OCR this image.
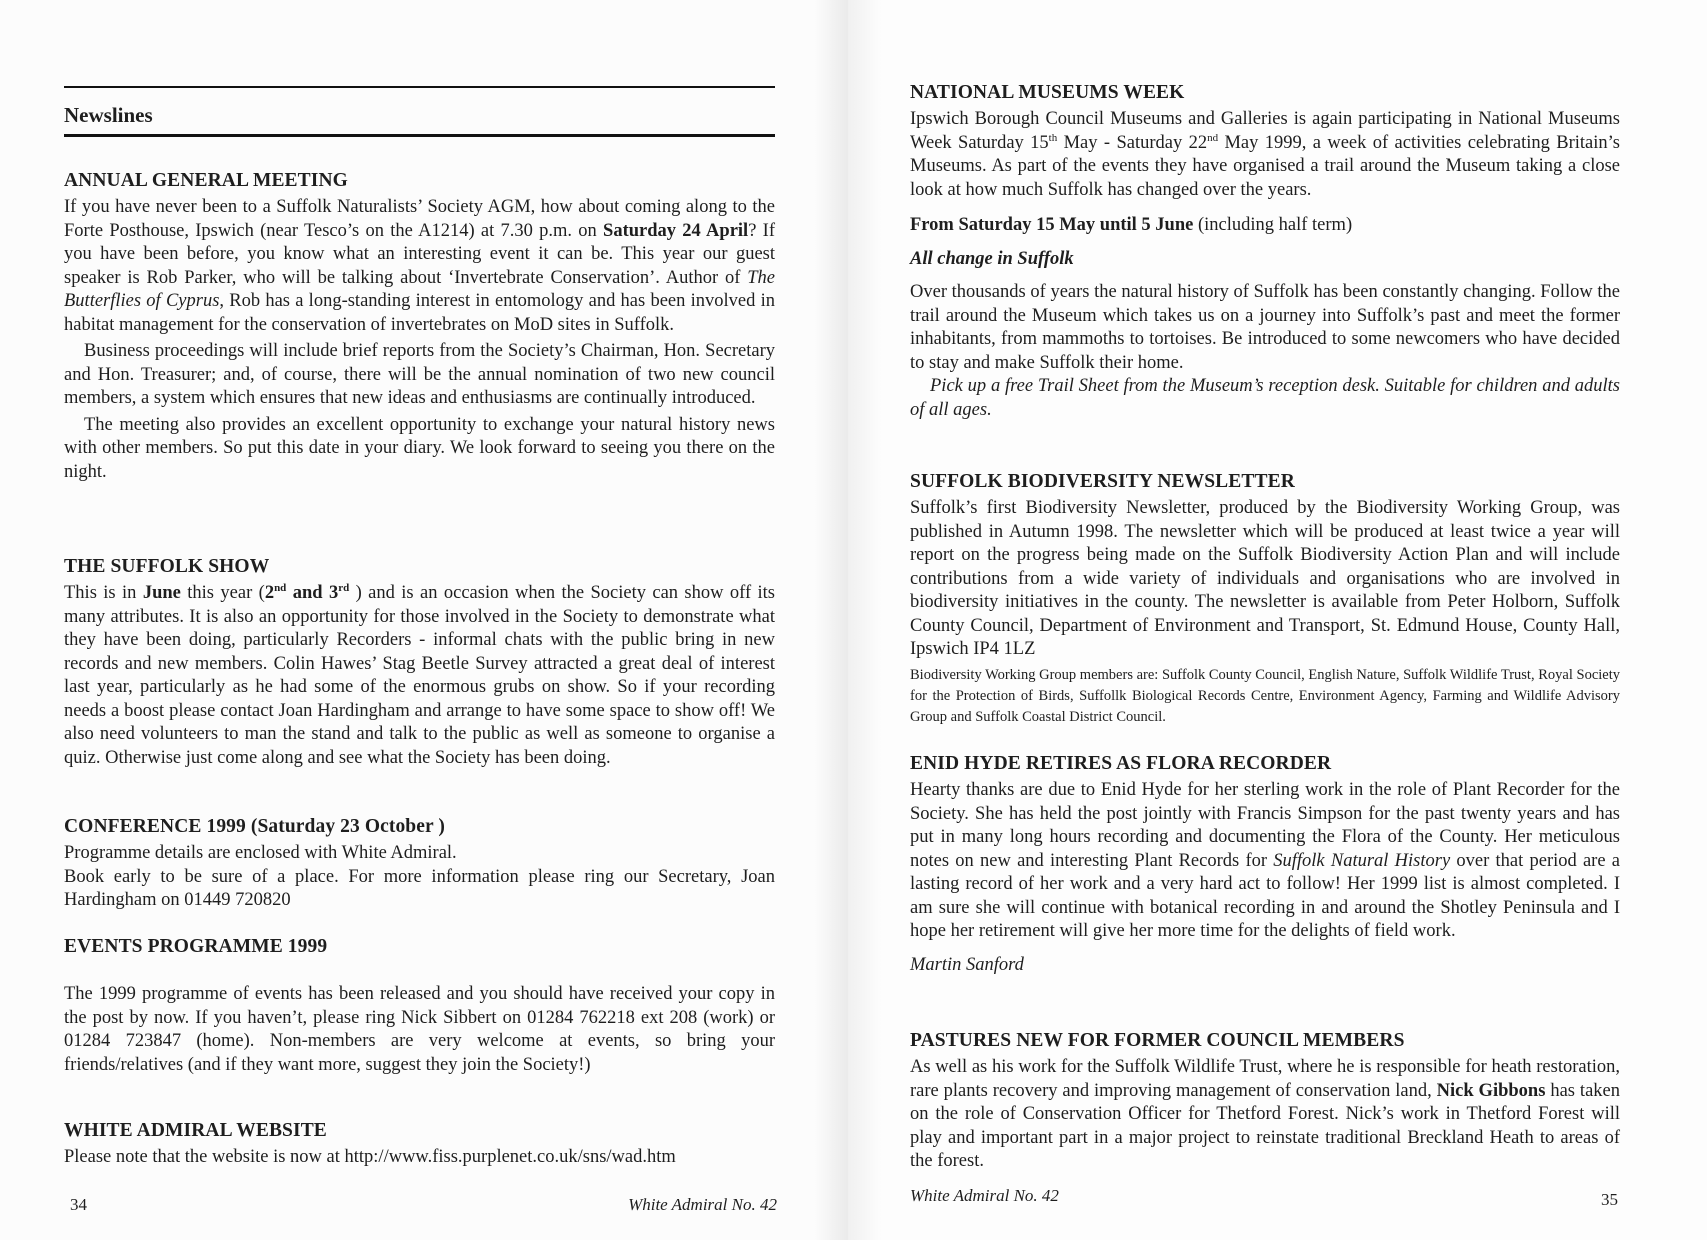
Newslines
ANNUAL GENERAL MEETING

If you have never been to a Suffolk Naturalists’ Society AGM, how about coming along to the Forte Posthouse, Ipswich (near Tesco’s on the A1214) at 7.30 p.m. on Saturday 24 April? If you have been before, you know what an interesting event it can be. This year our guest speaker is Rob Parker, who will be talking about ‘Invertebrate Conservation’. Author of The Butterflies of Cyprus, Rob has a long-standing interest in entomology and has been involved in habitat management for the conservation of invertebrates on MoD sites in Suffolk.

Business proceedings will include brief reports from the Society’s Chairman, Hon. Secretary and Hon. Treasurer; and, of course, there will be the annual nomination of two new council members, a system which ensures that new ideas and enthusiasms are continually introduced.

The meeting also provides an excellent opportunity to exchange your natural history news with other members. So put this date in your diary. We look forward to seeing you there on the night.

THE SUFFOLK SHOW

This is in June this year (2nd and 3rd ) and is an occasion when the Society can show off its many attributes. It is also an opportunity for those involved in the Society to demonstrate what they have been doing, particularly Recorders - informal chats with the public bring in new records and new members. Colin Hawes’ Stag Beetle Survey attracted a great deal of interest last year, particularly as he had some of the enormous grubs on show. So if your recording needs a boost please contact Joan Hardingham and arrange to have some space to show off! We also need volunteers to man the stand and talk to the public as well as someone to organise a quiz. Otherwise just come along and see what the Society has been doing.

CONFERENCE 1999 (Saturday 23 October )

Programme details are enclosed with White Admiral.

Book early to be sure of a place. For more information please ring our Secretary, Joan Hardingham on 01449 720820

EVENTS PROGRAMME 1999

The 1999 programme of events has been released and you should have received your copy in the post by now. If you haven’t, please ring Nick Sibbert on 01284 762218 ext 208 (work) or 01284 723847 (home). Non-members are very welcome at events, so bring your friends/relatives (and if they want more, suggest they join the Society!)

WHITE ADMIRAL WEBSITE

Please note that the website is now at http://www.fiss.purplenet.co.uk/sns/wad.htm

34	White Admiral No. 42
NATIONAL MUSEUMS WEEK

Ipswich Borough Council Museums and Galleries is again participating in National Museums Week Saturday 15th May - Saturday 22nd May 1999, a week of activities celebrating Britain’s Museums. As part of the events they have organised a trail around the Museum taking a close look at how much Suffolk has changed over the years.

From Saturday 15 May until 5 June (including half term)

All change in Suffolk

Over thousands of years the natural history of Suffolk has been constantly changing. Follow the trail around the Museum which takes us on a journey into Suffolk’s past and meet the former inhabitants, from mammoths to tortoises. Be introduced to some newcomers who have decided to stay and make Suffolk their home.

Pick up a free Trail Sheet from the Museum’s reception desk. Suitable for children and adults of all ages.

SUFFOLK BIODIVERSITY NEWSLETTER

Suffolk’s first Biodiversity Newsletter, produced by the Biodiversity Working Group, was published in Autumn 1998. The newsletter which will be produced at least twice a year will report on the progress being made on the Suffolk Biodiversity Action Plan and will include contributions from a wide variety of individuals and organisations who are involved in biodiversity initiatives in the county. The newsletter is available from Peter Holborn, Suffolk County Council, Department of Environment and Transport, St. Edmund House, County Hall, Ipswich IP4 1LZ

Biodiversity Working Group members are: Suffolk County Council, English Nature, Suffolk Wildlife Trust, Royal Society for the Protection of Birds, Suffollk Biological Records Centre, Environment Agency, Farming and Wildlife Advisory Group and Suffolk Coastal District Council.

ENID HYDE RETIRES AS FLORA RECORDER

Hearty thanks are due to Enid Hyde for her sterling work in the role of Plant Recorder for the Society. She has held the post jointly with Francis Simpson for the past twenty years and has put in many long hours recording and documenting the Flora of the County. Her meticulous notes on new and interesting Plant Records for Suffolk Natural History over that period are a lasting record of her work and a very hard act to follow! Her 1999 list is almost completed. I am sure she will continue with botanical recording in and around the Shotley Peninsula and I hope her retirement will give her more time for the delights of field work.

Martin Sanford

PASTURES NEW FOR FORMER COUNCIL MEMBERS

As well as his work for the Suffolk Wildlife Trust, where he is responsible for heath restoration, rare plants recovery and improving management of conservation land, Nick Gibbons has taken on the role of Conservation Officer for Thetford Forest. Nick’s work in Thetford Forest will play and important part in a major project to reinstate traditional Breckland Heath to areas of the forest.

White Admiral No. 42	35
